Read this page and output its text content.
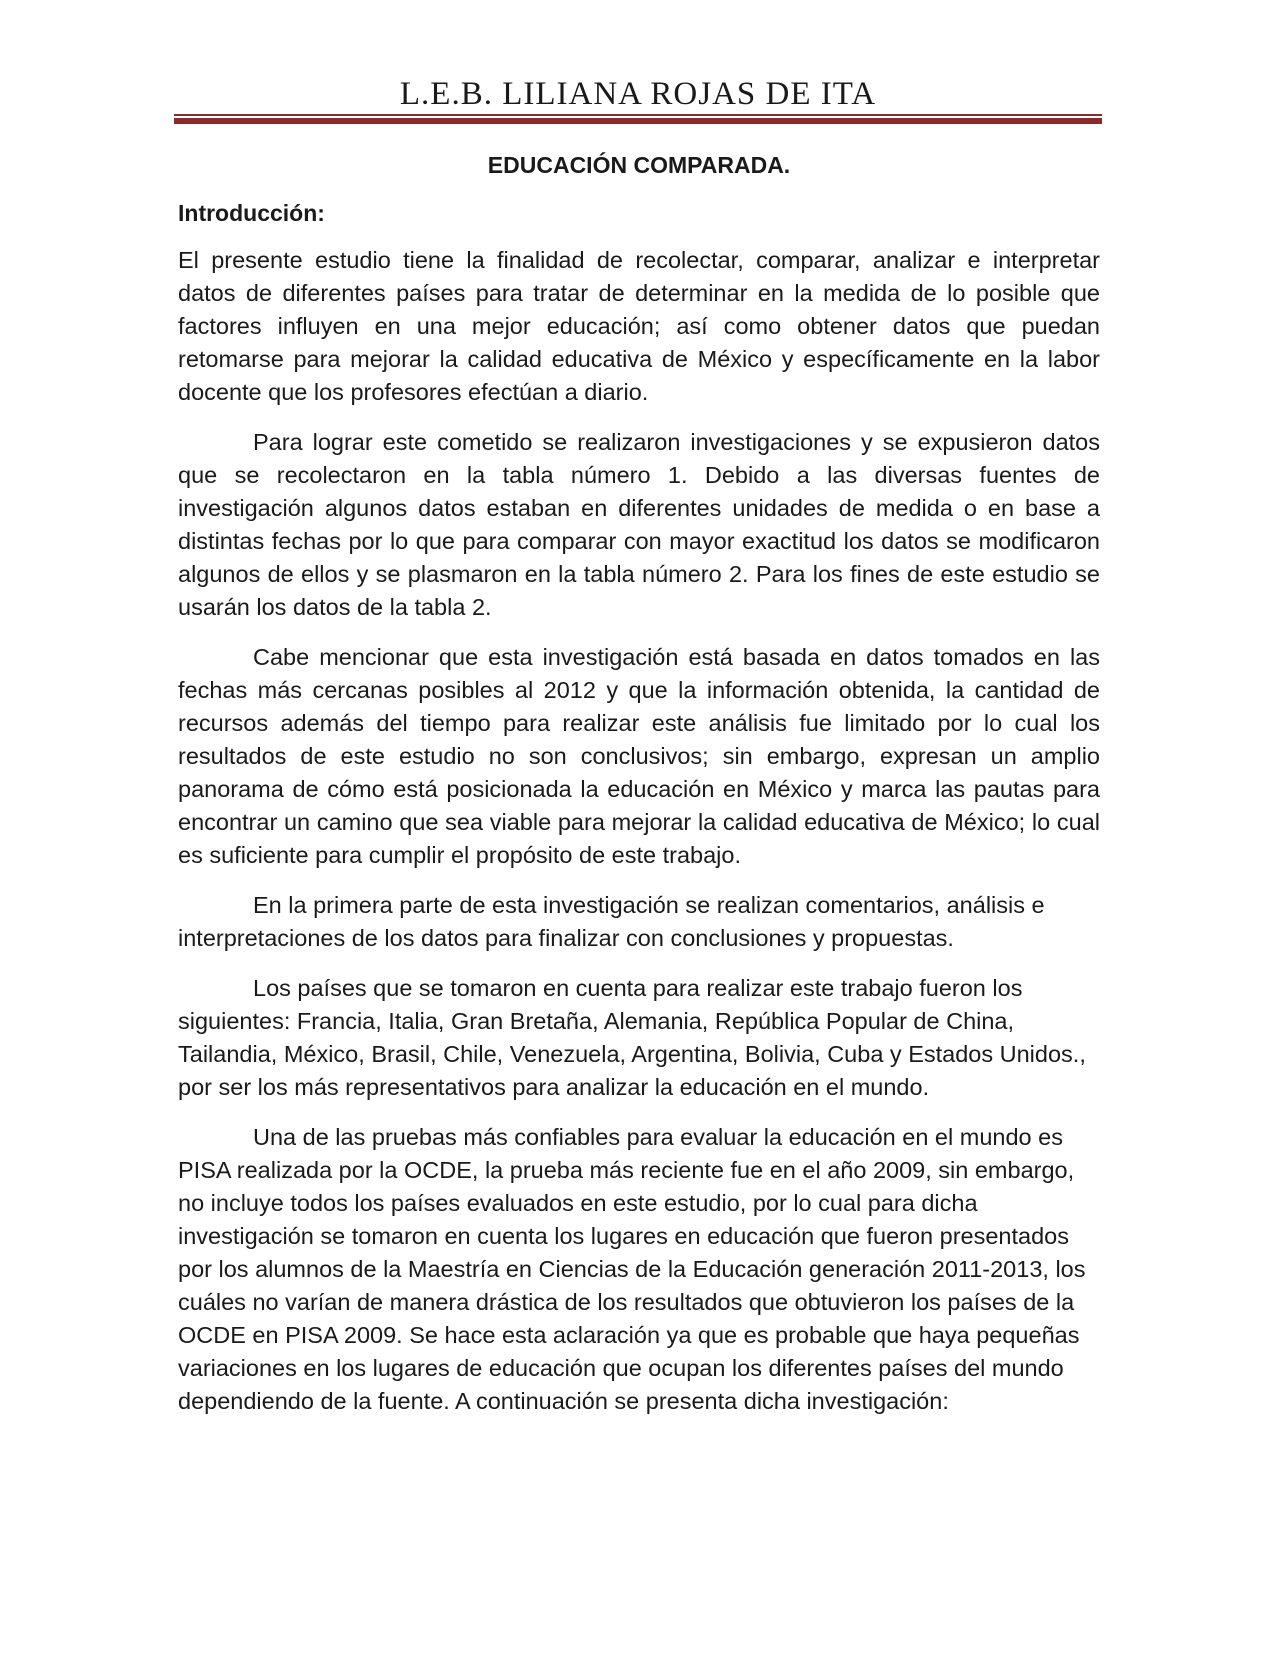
L.E.B. LILIANA ROJAS DE ITA
EDUCACIÓN COMPARADA.
Introducción:

El presente estudio tiene la finalidad de recolectar, comparar, analizar e interpretar datos de diferentes países para tratar de determinar en la medida de lo posible que factores influyen en una mejor educación; así como obtener datos que puedan retomarse para mejorar la calidad educativa de México y específicamente en la labor docente que los profesores efectúan a diario.

Para lograr este cometido se realizaron investigaciones y se expusieron datos que se recolectaron en la tabla número 1. Debido a las diversas fuentes de investigación algunos datos estaban en diferentes unidades de medida o en base a distintas fechas por lo que para comparar con mayor exactitud los datos se modificaron algunos de ellos y se plasmaron en la tabla número 2. Para los fines de este estudio se usarán los datos de la tabla 2.

Cabe mencionar que esta investigación está basada en datos tomados en las fechas más cercanas posibles al 2012 y que la información obtenida, la cantidad de recursos además del tiempo para realizar este análisis fue limitado por lo cual los resultados de este estudio no son conclusivos; sin embargo, expresan un amplio panorama de cómo está posicionada la educación en México y marca las pautas para encontrar un camino que sea viable para mejorar la calidad educativa de México; lo cual es suficiente para cumplir el propósito de este trabajo.

En la primera parte de esta investigación se realizan comentarios, análisis e interpretaciones de los datos para finalizar con conclusiones y propuestas.

Los países que se tomaron en cuenta para realizar este trabajo fueron los siguientes: Francia, Italia, Gran Bretaña, Alemania, República Popular de China, Tailandia, México, Brasil, Chile, Venezuela, Argentina, Bolivia, Cuba y Estados Unidos., por ser los más representativos para analizar la educación en el mundo.

Una de las pruebas más confiables para evaluar la educación en el mundo es PISA realizada por la OCDE, la prueba más reciente fue en el año 2009, sin embargo, no incluye todos los países evaluados en este estudio, por lo cual para dicha investigación se tomaron en cuenta los lugares en educación que fueron presentados por los alumnos de la Maestría en Ciencias de la Educación generación 2011-2013, los cuáles no varían de manera drástica de los resultados que obtuvieron los países de la OCDE en PISA 2009. Se hace esta aclaración ya que es probable que haya pequeñas variaciones en los lugares de educación que ocupan los diferentes países del mundo dependiendo de la fuente. A continuación se presenta dicha investigación:
